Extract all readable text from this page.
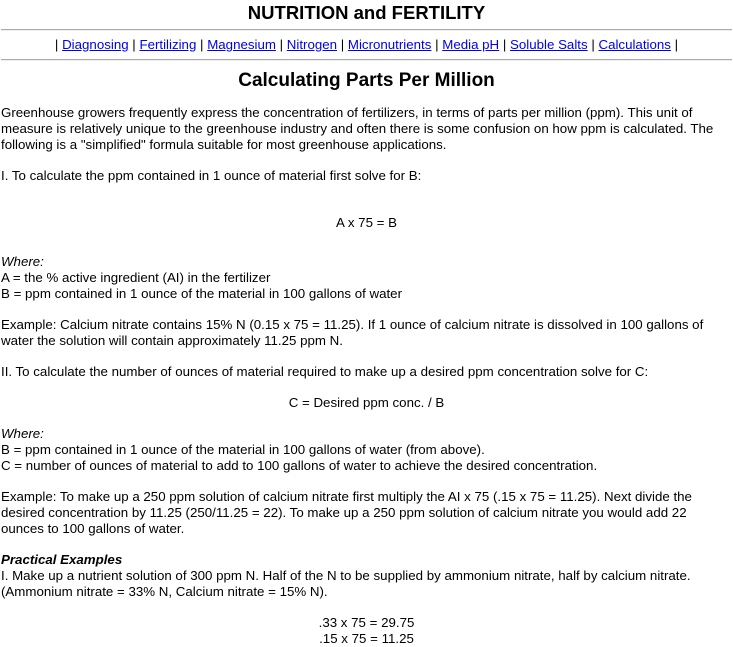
NUTRITION and FERTILITY

| Diagnosing | Fertilizing | Magnesium | Nitrogen | Micronutrients | Media pH | Soluble Salts | Calculations |

Calculating Parts Per Million

Greenhouse growers frequently express the concentration of fertilizers, in terms of parts per million (ppm). This unit of measure is relatively unique to the greenhouse industry and often there is some confusion on how ppm is calculated. The following is a "simplified" formula suitable for most greenhouse applications.

I. To calculate the ppm contained in 1 ounce of material first solve for B:

A x 75 = B

Where:

A = the % active ingredient (AI) in the fertilizer

B = ppm contained in 1 ounce of the material in 100 gallons of water

Example: Calcium nitrate contains 15% N (0.15 x 75 = 11.25). If 1 ounce of calcium nitrate is dissolved in 100 gallons of water the solution will contain approximately 11.25 ppm N.

II. To calculate the number of ounces of material required to make up a desired ppm concentration solve for C:

C = Desired ppm conc. / B

Where:

B = ppm contained in 1 ounce of the material in 100 gallons of water (from above).

C = number of ounces of material to add to 100 gallons of water to achieve the desired concentration.

Example: To make up a 250 ppm solution of calcium nitrate first multiply the AI x 75 (.15 x 75 = 11.25). Next divide the desired concentration by 11.25 (250/11.25 = 22). To make up a 250 ppm solution of calcium nitrate you would add 22 ounces to 100 gallons of water.

Practical Examples

I. Make up a nutrient solution of 300 ppm N. Half of the N to be supplied by ammonium nitrate, half by calcium nitrate. (Ammonium nitrate = 33% N, Calcium nitrate = 15% N).

.33 x 75 = 29.75

.15 x 75 = 11.25
